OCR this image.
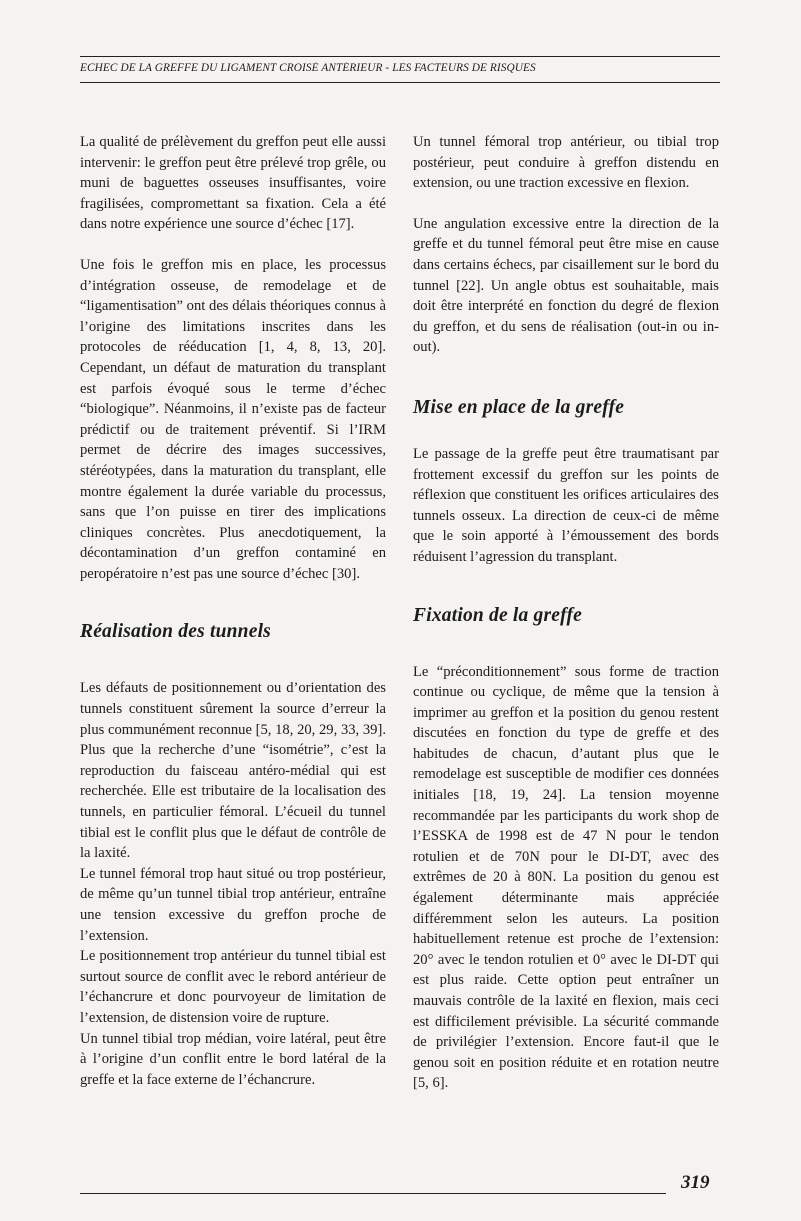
ECHEC DE LA GREFFE DU LIGAMENT CROISÉ ANTÉRIEUR - LES FACTEURS DE RISQUES

La qualité de prélèvement du greffon peut elle aussi intervenir: le greffon peut être prélevé trop grêle, ou muni de baguettes osseuses insuffisantes, voire fragilisées, compromettant sa fixation. Cela a été dans notre expérience une source d’échec [17].

Une fois le greffon mis en place, les processus d’intégration osseuse, de remodelage et de “ligamentisation” ont des délais théoriques connus à l’origine des limitations inscrites dans les protocoles de rééducation [1, 4, 8, 13, 20]. Cependant, un défaut de maturation du transplant est parfois évoqué sous le terme d’échec “biologique”. Néanmoins, il n’existe pas de facteur prédictif ou de traitement préventif. Si l’IRM permet de décrire des images successives, stéréotypées, dans la maturation du transplant, elle montre également la durée variable du processus, sans que l’on puisse en tirer des implications cliniques concrètes. Plus anecdotiquement, la décontamination d’un greffon contaminé en peropératoire n’est pas une source d’échec [30].

Réalisation des tunnels

Les défauts de positionnement ou d’orientation des tunnels constituent sûrement la source d’erreur la plus communément reconnue [5, 18, 20, 29, 33, 39]. Plus que la recherche d’une “isométrie”, c’est la reproduction du faisceau antéro-médial qui est recherchée. Elle est tributaire de la localisation des tunnels, en particulier fémoral. L’écueil du tunnel tibial est le conflit plus que le défaut de contrôle de la laxité.

Le tunnel fémoral trop haut situé ou trop postérieur, de même qu’un tunnel tibial trop antérieur, entraîne une tension excessive du greffon proche de l’extension.

Le positionnement trop antérieur du tunnel tibial est surtout source de conflit avec le rebord antérieur de l’échancrure et donc pourvoyeur de limitation de l’extension, de distension voire de rupture.

Un tunnel tibial trop médian, voire latéral, peut être à l’origine d’un conflit entre le bord latéral de la greffe et la face externe de l’échancrure.

Un tunnel fémoral trop antérieur, ou tibial trop postérieur, peut conduire à greffon distendu en extension, ou une traction excessive en flexion.

Une angulation excessive entre la direction de la greffe et du tunnel fémoral peut être mise en cause dans certains échecs, par cisaillement sur le bord du tunnel [22]. Un angle obtus est souhaitable, mais doit être interprété en fonction du degré de flexion du greffon, et du sens de réalisation (out-in ou in-out).

Mise en place de la greffe

Le passage de la greffe peut être traumatisant par frottement excessif du greffon sur les points de réflexion que constituent les orifices articulaires des tunnels osseux. La direction de ceux-ci de même que le soin apporté à l’émoussement des bords réduisent l’agression du transplant.

Fixation de la greffe

Le “préconditionnement” sous forme de traction continue ou cyclique, de même que la tension à imprimer au greffon et la position du genou restent discutées en fonction du type de greffe et des habitudes de chacun, d’autant plus que le remodelage est susceptible de modifier ces données initiales [18, 19, 24]. La tension moyenne recommandée par les participants du work shop de l’ESSKA de 1998 est de 47 N pour le tendon rotulien et de 70N pour le DI-DT, avec des extrêmes de 20 à 80N. La position du genou est également déterminante mais appréciée différemment selon les auteurs. La position habituellement retenue est proche de l’extension: 20° avec le tendon rotulien et 0° avec le DI-DT qui est plus raide. Cette option peut entraîner un mauvais contrôle de la laxité en flexion, mais ceci est difficilement prévisible. La sécurité commande de privilégier l’extension. Encore faut-il que le genou soit en position réduite et en rotation neutre [5, 6].

319
